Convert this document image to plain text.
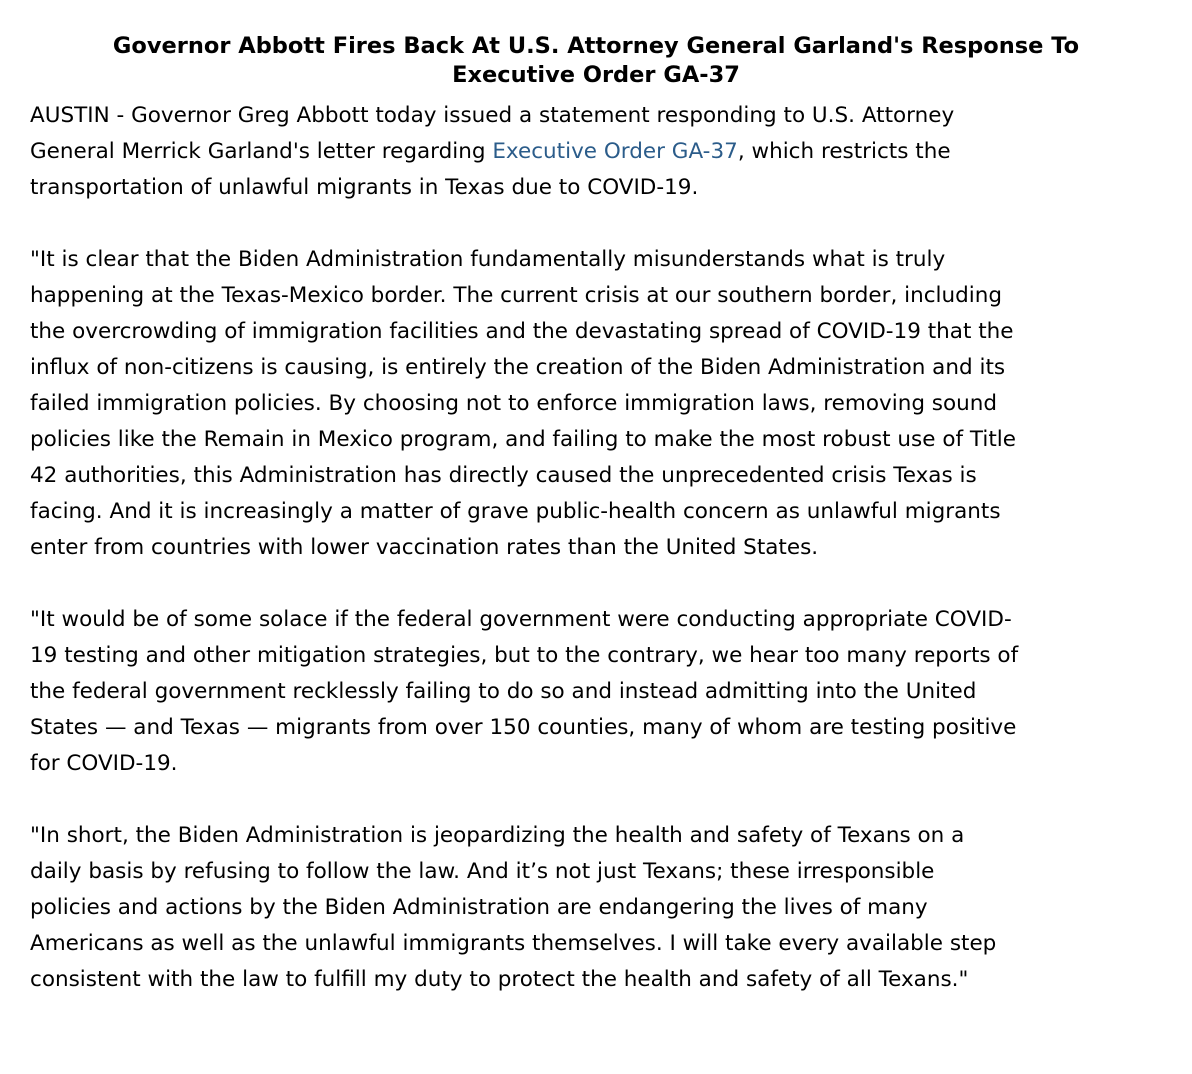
Governor Abbott Fires Back At U.S. Attorney General Garland's Response To
Executive Order GA-37

AUSTIN - Governor Greg Abbott today issued a statement responding to U.S. Attorney
General Merrick Garland's letter regarding Executive Order GA-37, which restricts the
transportation of unlawful migrants in Texas due to COVID-19.

"It is clear that the Biden Administration fundamentally misunderstands what is truly
happening at the Texas-Mexico border. The current crisis at our southern border, including
the overcrowding of immigration facilities and the devastating spread of COVID-19 that the
influx of non-citizens is causing, is entirely the creation of the Biden Administration and its
failed immigration policies. By choosing not to enforce immigration laws, removing sound
policies like the Remain in Mexico program, and failing to make the most robust use of Title
42 authorities, this Administration has directly caused the unprecedented crisis Texas is
facing. And it is increasingly a matter of grave public-health concern as unlawful migrants
enter from countries with lower vaccination rates than the United States.

"It would be of some solace if the federal government were conducting appropriate COVID-
19 testing and other mitigation strategies, but to the contrary, we hear too many reports of
the federal government recklessly failing to do so and instead admitting into the United
States — and Texas — migrants from over 150 counties, many of whom are testing positive
for COVID-19.

"In short, the Biden Administration is jeopardizing the health and safety of Texans on a
daily basis by refusing to follow the law. And it’s not just Texans; these irresponsible
policies and actions by the Biden Administration are endangering the lives of many
Americans as well as the unlawful immigrants themselves. I will take every available step
consistent with the law to fulfill my duty to protect the health and safety of all Texans."
